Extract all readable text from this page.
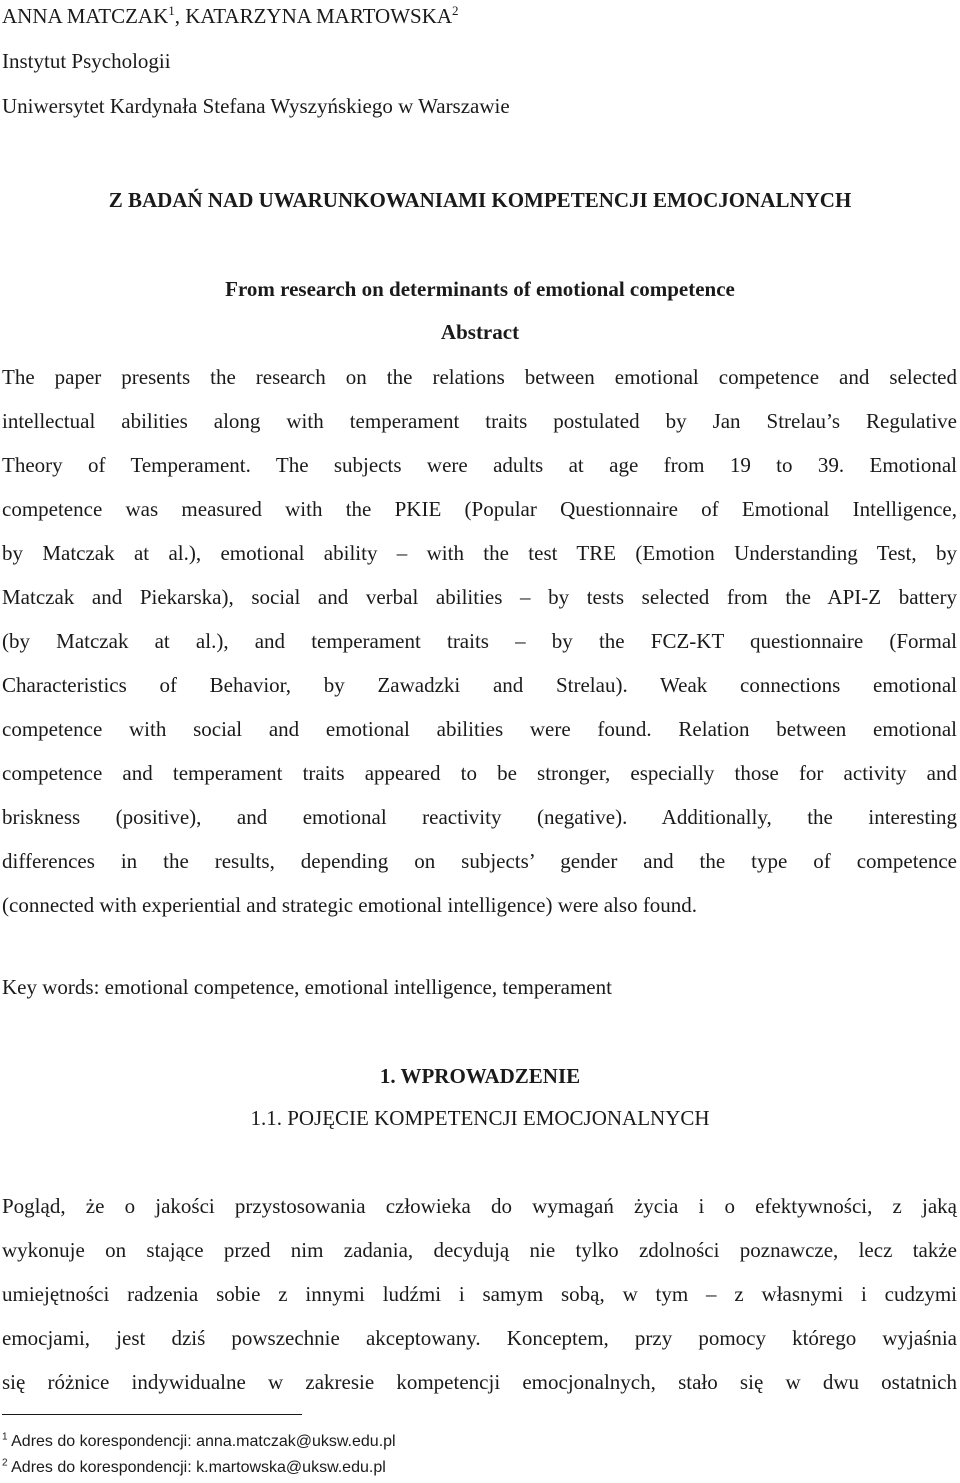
ANNA MATCZAK$^1$, KATARZYNA MARTOWSKA$^2$
Instytut Psychologii
Uniwersytet Kardynała Stefana Wyszyńskiego w Warszawie
Z BADAŃ NAD UWARUNKOWANIAMI KOMPETENCJI EMOCJONALNYCH
From research on determinants of emotional competence
Abstract
The paper presents the research on the relations between emotional competence and selected
intellectual abilities along with temperament traits postulated by Jan Strelau’s Regulative
Theory of Temperament. The subjects were adults at age from 19 to 39. Emotional
competence was measured with the PKIE (Popular Questionnaire of Emotional Intelligence,
by Matczak at al.), emotional ability – with the test TRE (Emotion Understanding Test, by
Matczak and Piekarska), social and verbal abilities – by tests selected from the API-Z battery
(by Matczak at al.), and temperament traits – by the FCZ-KT questionnaire (Formal
Characteristics of Behavior, by Zawadzki and Strelau). Weak connections emotional
competence with social and emotional abilities were found. Relation between emotional
competence and temperament traits appeared to be stronger, especially those for activity and
briskness (positive), and emotional reactivity (negative). Additionally, the interesting
differences in the results, depending on subjects’ gender and the type of competence
(connected with experiential and strategic emotional intelligence) were also found.
Key words: emotional competence, emotional intelligence, temperament
1. WPROWADZENIE
1.1. POJĘCIE KOMPETENCJI EMOCJONALNYCH
Pogląd, że o jakości przystosowania człowieka do wymagań życia i o efektywności, z jaką
wykonuje on stające przed nim zadania, decydują nie tylko zdolności poznawcze, lecz także
umiejętności radzenia sobie z innymi ludźmi i samym sobą, w tym – z własnymi i cudzymi
emocjami, jest dziś powszechnie akceptowany. Konceptem, przy pomocy którego wyjaśnia
się różnice indywidualne w zakresie kompetencji emocjonalnych, stało się w dwu ostatnich
$^1$ Adres do korespondencji: anna.matczak@uksw.edu.pl
$^2$ Adres do korespondencji: k.martowska@uksw.edu.pl
